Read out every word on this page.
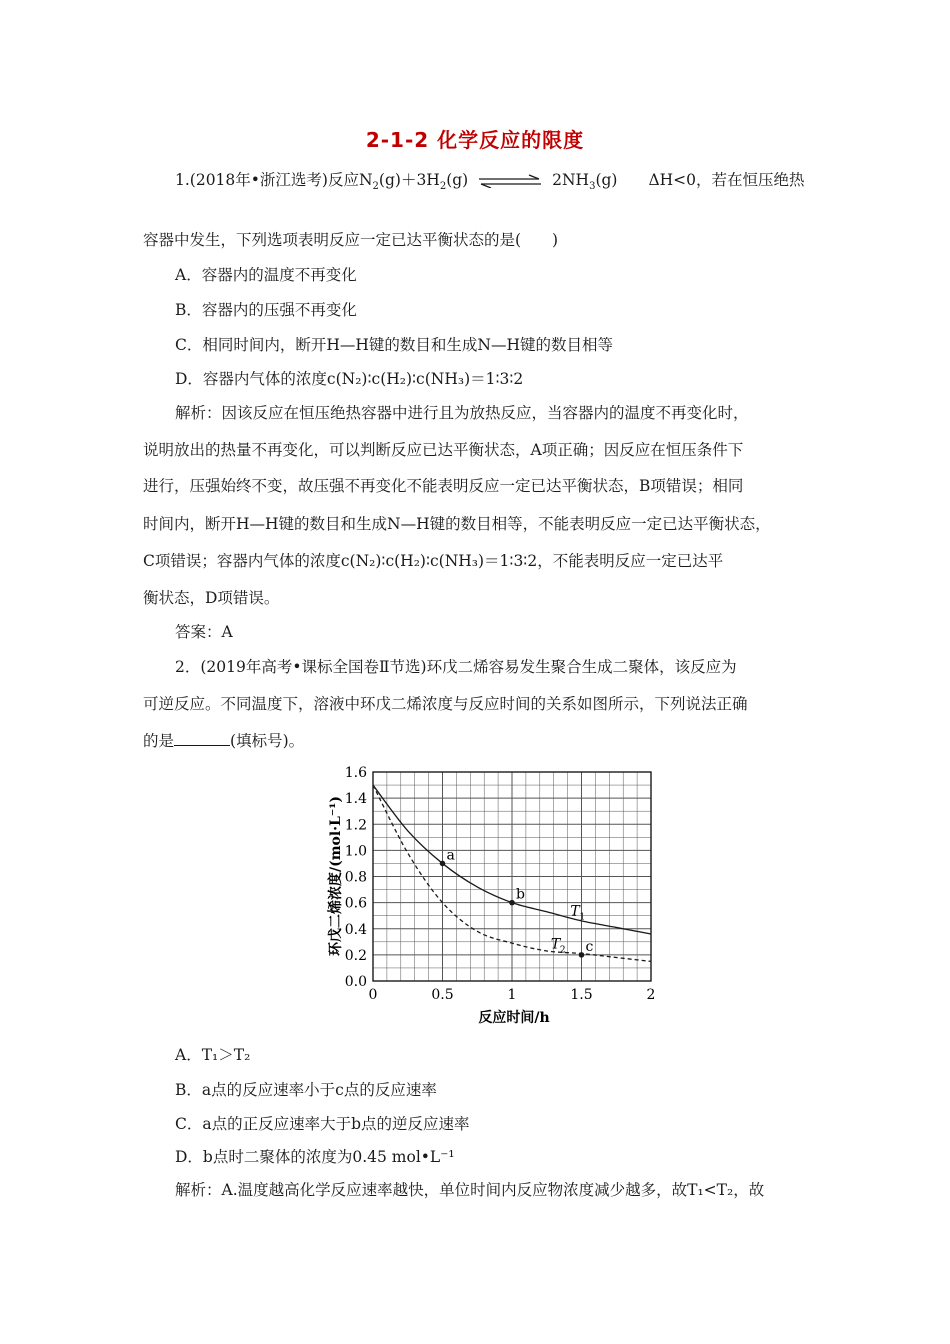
2-1-2 化学反应的限度
1.(2018年•浙江选考)反应$N_2(g)+3H_2(g)$	$2NH_3(g)$　　ΔH<0，若在恒压绝热
容器中发生，下列选项表明反应一定已达平衡状态的是(　　)
A．容器内的温度不再变化
B．容器内的压强不再变化
C．相同时间内，断开H—H键的数目和生成N—H键的数目相等
D．容器内气体的浓度c(N₂)∶c(H₂)∶c(NH₃)＝1∶3∶2
解析：因该反应在恒压绝热容器中进行且为放热反应，当容器内的温度不再变化时，
说明放出的热量不再变化，可以判断反应已达平衡状态，A项正确；因反应在恒压条件下
进行，压强始终不变，故压强不再变化不能表明反应一定已达平衡状态，B项错误；相同
时间内，断开H—H键的数目和生成N—H键的数目相等，不能表明反应一定已达平衡状态，
C项错误；容器内气体的浓度c(N₂)∶c(H₂)∶c(NH₃)＝1∶3∶2，不能表明反应一定已达平
衡状态，D项错误。
答案：A
2．(2019年高考•课标全国卷Ⅱ节选)环戊二烯容易发生聚合生成二聚体，该反应为
可逆反应。不同温度下，溶液中环戊二烯浓度与反应时间的关系如图所示，下列说法正确
的是	(填标号)。
0	0.5	1	1.5	2
0.0
0.2
0.4
0.6
0.8
1.0
1.2
1.4
1.6
a
b
c
T 1
T 2
反应时间/h
环戊二烯浓度/(mol·L⁻¹)
A．T₁＞T₂
B．a点的反应速率小于c点的反应速率
C．a点的正反应速率大于b点的逆反应速率
D．b点时二聚体的浓度为0.45 mol•L⁻¹
解析：A.温度越高化学反应速率越快，单位时间内反应物浓度减少越多，故T₁<T₂，故
